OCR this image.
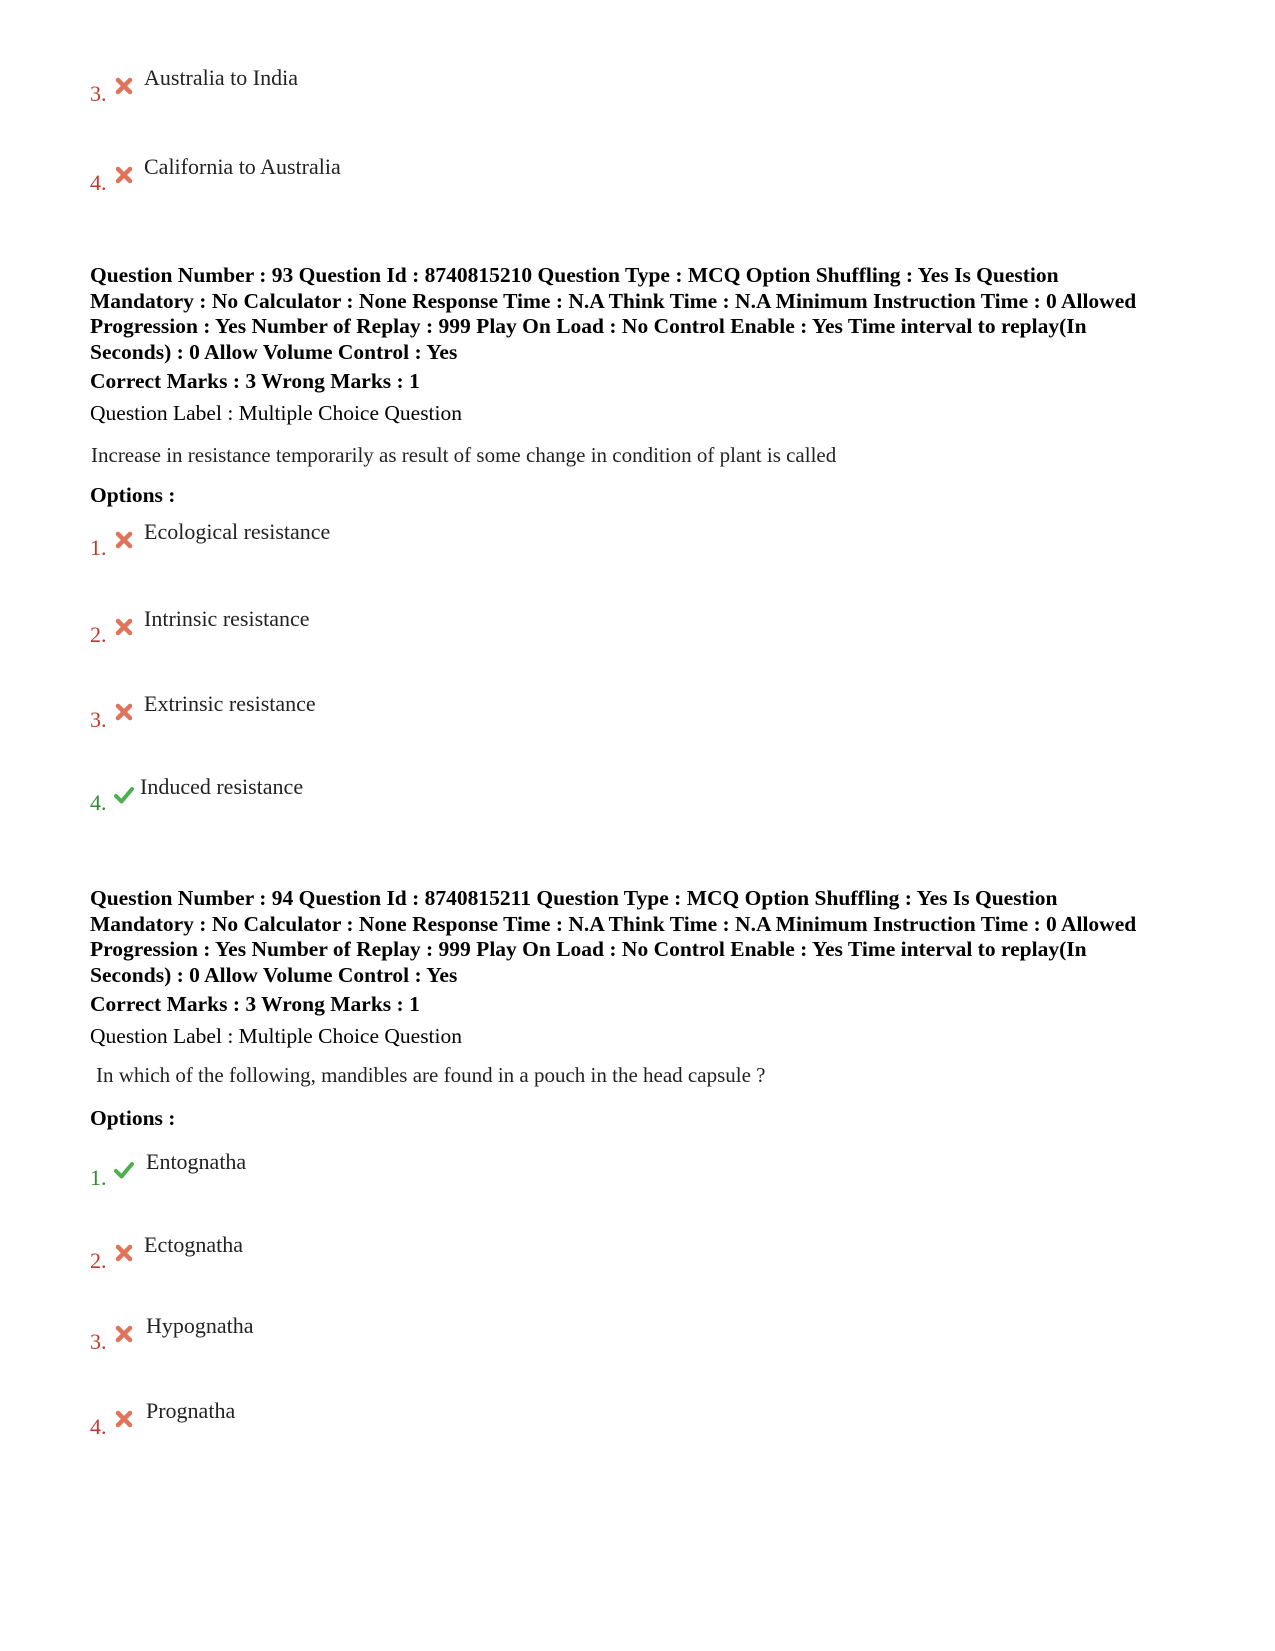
3.
Australia to India
4.
California to Australia
Question Number : 93 Question Id : 8740815210 Question Type : MCQ Option Shuffling : Yes Is Question Mandatory : No Calculator : None Response Time : N.A Think Time : N.A Minimum Instruction Time : 0 Allowed Progression : Yes Number of Replay : 999 Play On Load : No Control Enable : Yes Time interval to replay(In Seconds) : 0 Allow Volume Control : Yes
Correct Marks : 3 Wrong Marks : 1
Question Label : Multiple Choice Question
Increase in resistance temporarily as result of some change in condition of plant is called
Options :
1.
Ecological resistance
2.
Intrinsic resistance
3.
Extrinsic resistance
4.
Induced resistance
Question Number : 94 Question Id : 8740815211 Question Type : MCQ Option Shuffling : Yes Is Question Mandatory : No Calculator : None Response Time : N.A Think Time : N.A Minimum Instruction Time : 0 Allowed Progression : Yes Number of Replay : 999 Play On Load : No Control Enable : Yes Time interval to replay(In Seconds) : 0 Allow Volume Control : Yes
Correct Marks : 3 Wrong Marks : 1
Question Label : Multiple Choice Question
In which of the following, mandibles are found in a pouch in the head capsule ?
Options :
1.
Entognatha
2.
Ectognatha
3.
Hypognatha
4.
Prognatha
